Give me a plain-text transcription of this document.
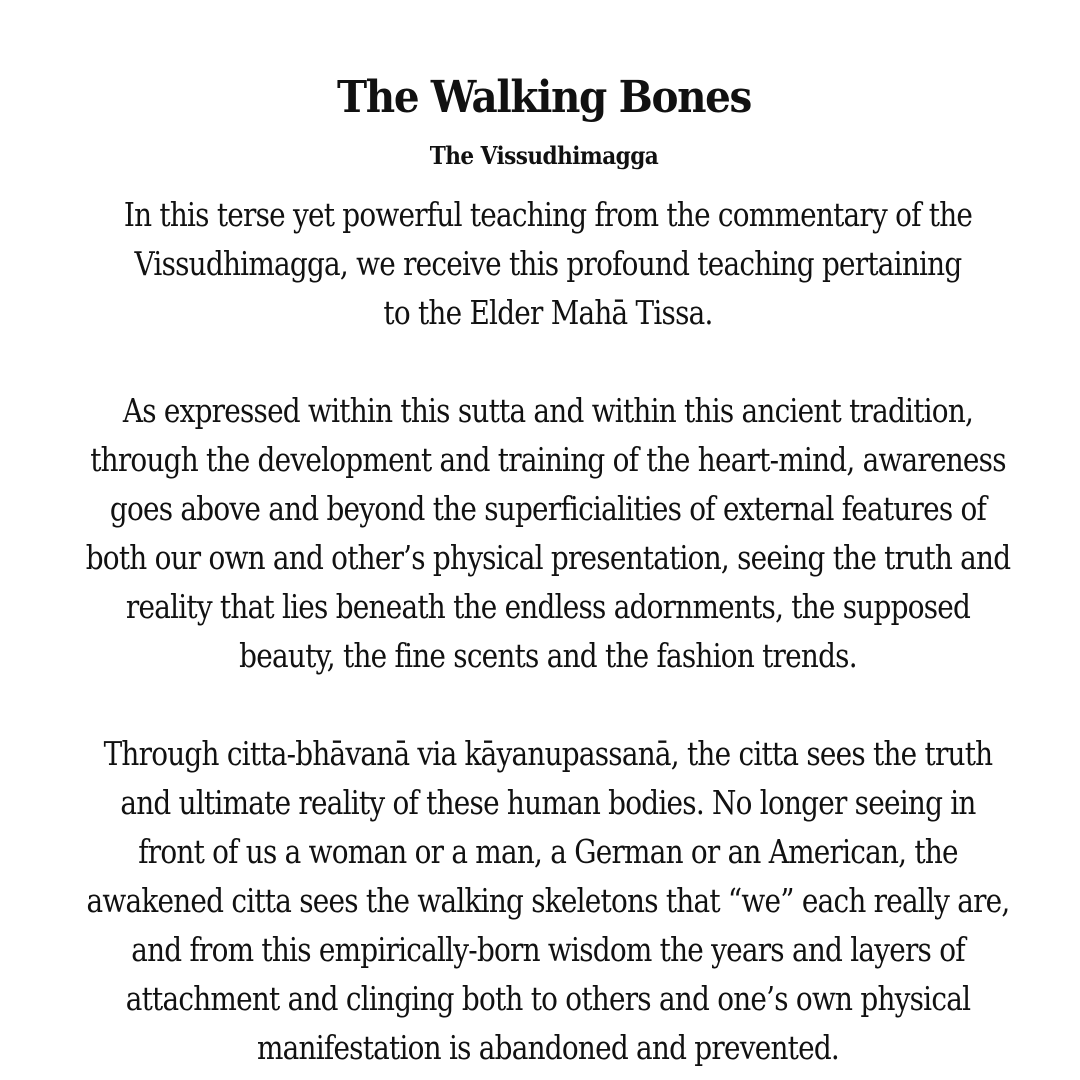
The Walking Bones
The Vissudhimagga
In this terse yet powerful teaching from the commentary of the
Vissudhimagga, we receive this profound teaching pertaining
to the Elder Mahā Tissa.
As expressed within this sutta and within this ancient tradition,
through the development and training of the heart-mind, awareness
goes above and beyond the superficialities of external features of
both our own and other’s physical presentation, seeing the truth and
reality that lies beneath the endless adornments, the supposed
beauty, the fine scents and the fashion trends.
Through citta-bhāvanā via kāyanupassanā, the citta sees the truth
and ultimate reality of these human bodies. No longer seeing in
front of us a woman or a man, a German or an American, the
awakened citta sees the walking skeletons that “we” each really are,
and from this empirically-born wisdom the years and layers of
attachment and clinging both to others and one’s own physical
manifestation is abandoned and prevented.
